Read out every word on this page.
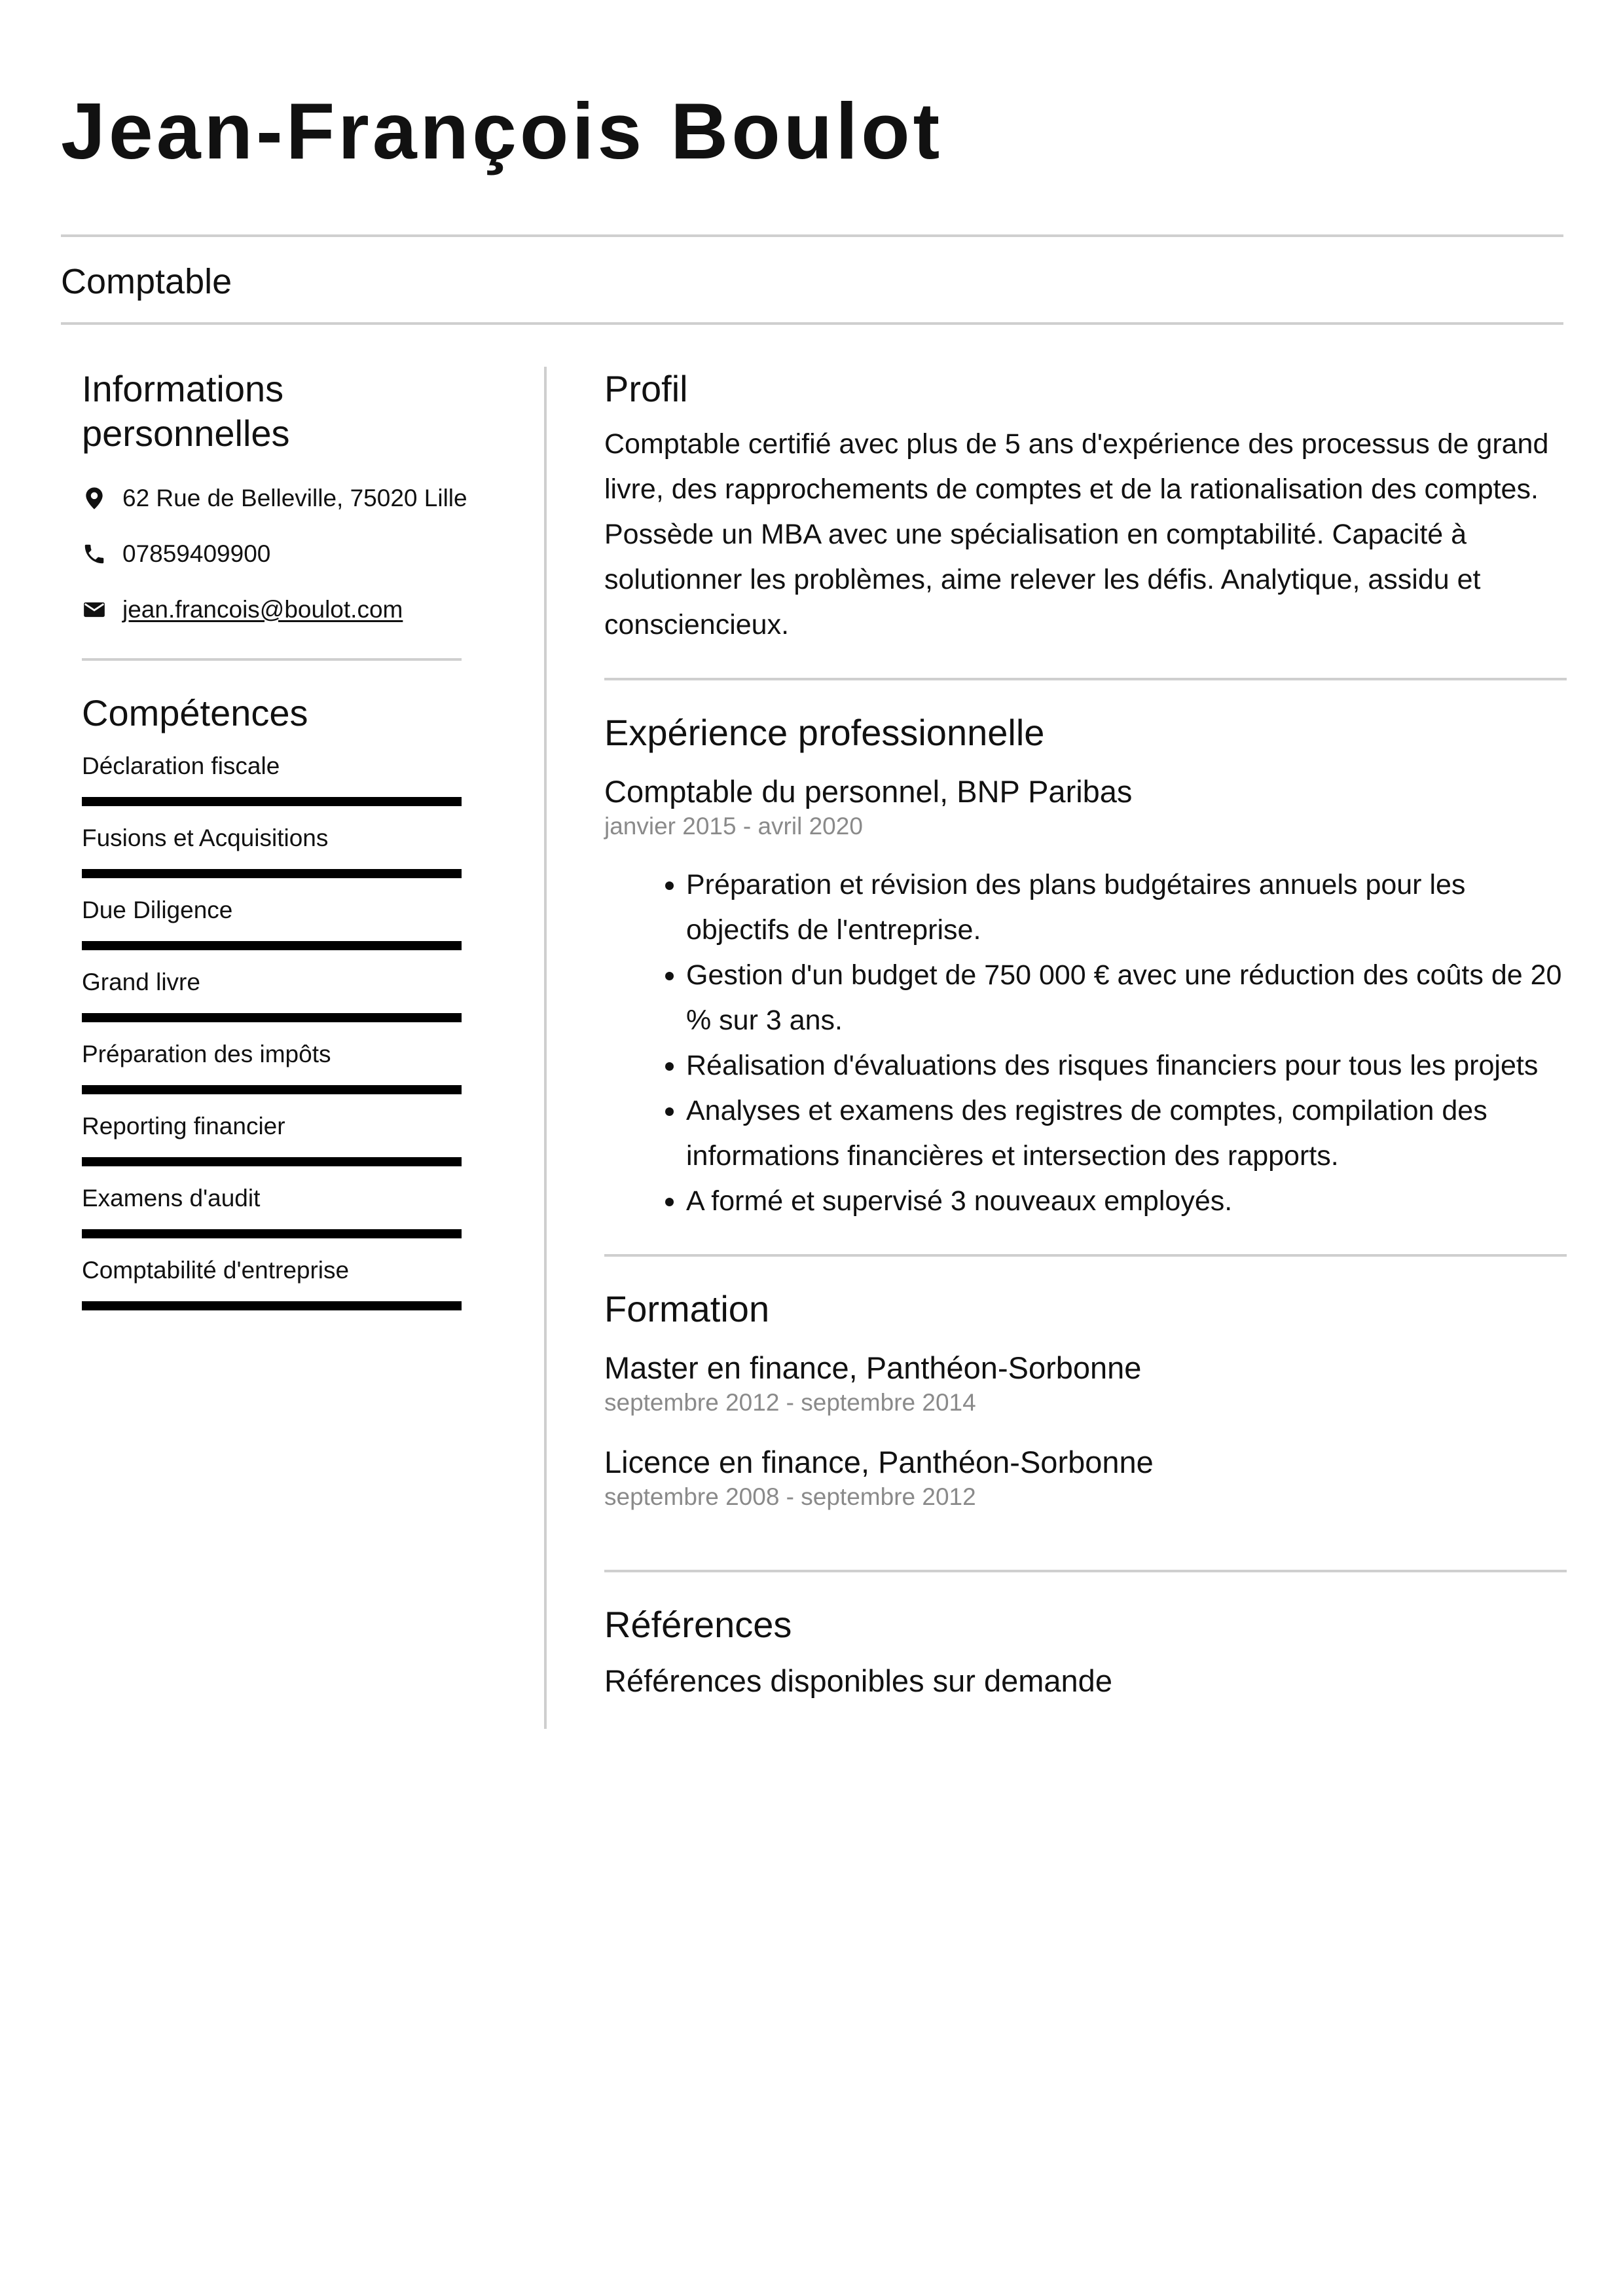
Jean-François Boulot
Comptable
Informations
personnelles
62 Rue de Belleville, 75020 Lille
07859409900
jean.francois@boulot.com
Compétences
Déclaration fiscale
Fusions et Acquisitions
Due Diligence
Grand livre
Préparation des impôts
Reporting financier
Examens d'audit
Comptabilité d'entreprise
Profil

Comptable certifié avec plus de 5 ans d'expérience des processus de grand livre, des rapprochements de comptes et de la rationalisation des comptes. Possède un MBA avec une spécialisation en comptabilité. Capacité à solutionner les problèmes, aime relever les défis. Analytique, assidu et consciencieux.

Expérience professionnelle
Comptable du personnel, BNP Paribas
janvier 2015 - avril 2020
• Préparation et révision des plans budgétaires annuels pour les objectifs de l'entreprise.
• Gestion d'un budget de 750 000 € avec une réduction des coûts de 20 % sur 3 ans.
• Réalisation d'évaluations des risques financiers pour tous les projets
• Analyses et examens des registres de comptes, compilation des informations financières et intersection des rapports.
• A formé et supervisé 3 nouveaux employés.
Formation
Master en finance, Panthéon-Sorbonne
septembre 2012 - septembre 2014
Licence en finance, Panthéon-Sorbonne
septembre 2008 - septembre 2012
Références
Références disponibles sur demande
